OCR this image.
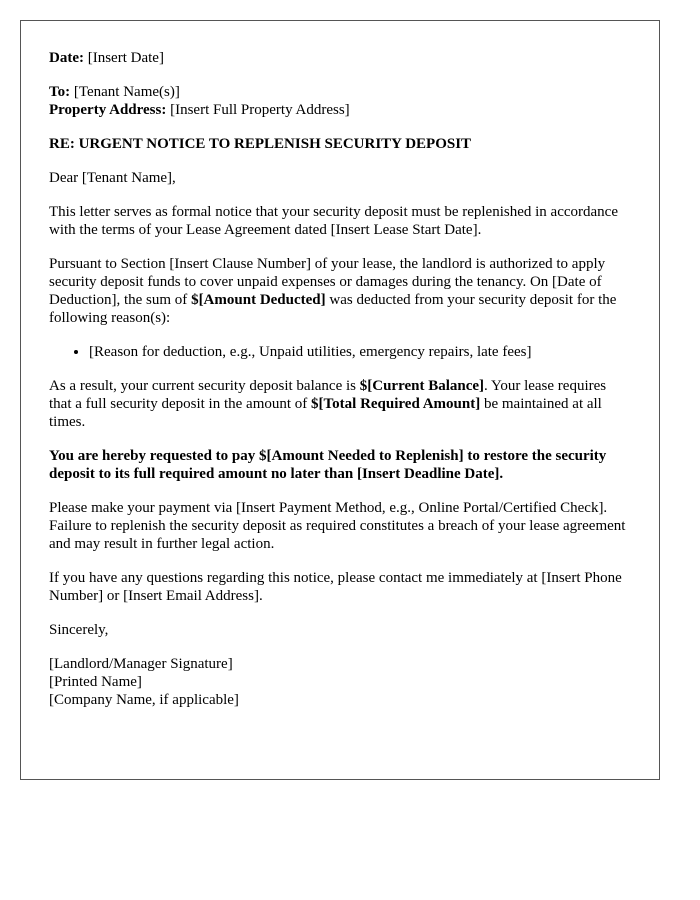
Date: [Insert Date]

To: [Tenant Name(s)]
Property Address: [Insert Full Property Address]

RE: URGENT NOTICE TO REPLENISH SECURITY DEPOSIT

Dear [Tenant Name],

This letter serves as formal notice that your security deposit must be replenished in accordance with the terms of your Lease Agreement dated [Insert Lease Start Date].

Pursuant to Section [Insert Clause Number] of your lease, the landlord is authorized to apply security deposit funds to cover unpaid expenses or damages during the tenancy. On [Date of Deduction], the sum of $[Amount Deducted] was deducted from your security deposit for the following reason(s):

• [Reason for deduction, e.g., Unpaid utilities, emergency repairs, late fees]

As a result, your current security deposit balance is $[Current Balance]. Your lease requires that a full security deposit in the amount of $[Total Required Amount] be maintained at all times.

You are hereby requested to pay $[Amount Needed to Replenish] to restore the security deposit to its full required amount no later than [Insert Deadline Date].

Please make your payment via [Insert Payment Method, e.g., Online Portal/Certified Check]. Failure to replenish the security deposit as required constitutes a breach of your lease agreement and may result in further legal action.

If you have any questions regarding this notice, please contact me immediately at [Insert Phone Number] or [Insert Email Address].

Sincerely,

[Landlord/Manager Signature]
[Printed Name]
[Company Name, if applicable]
